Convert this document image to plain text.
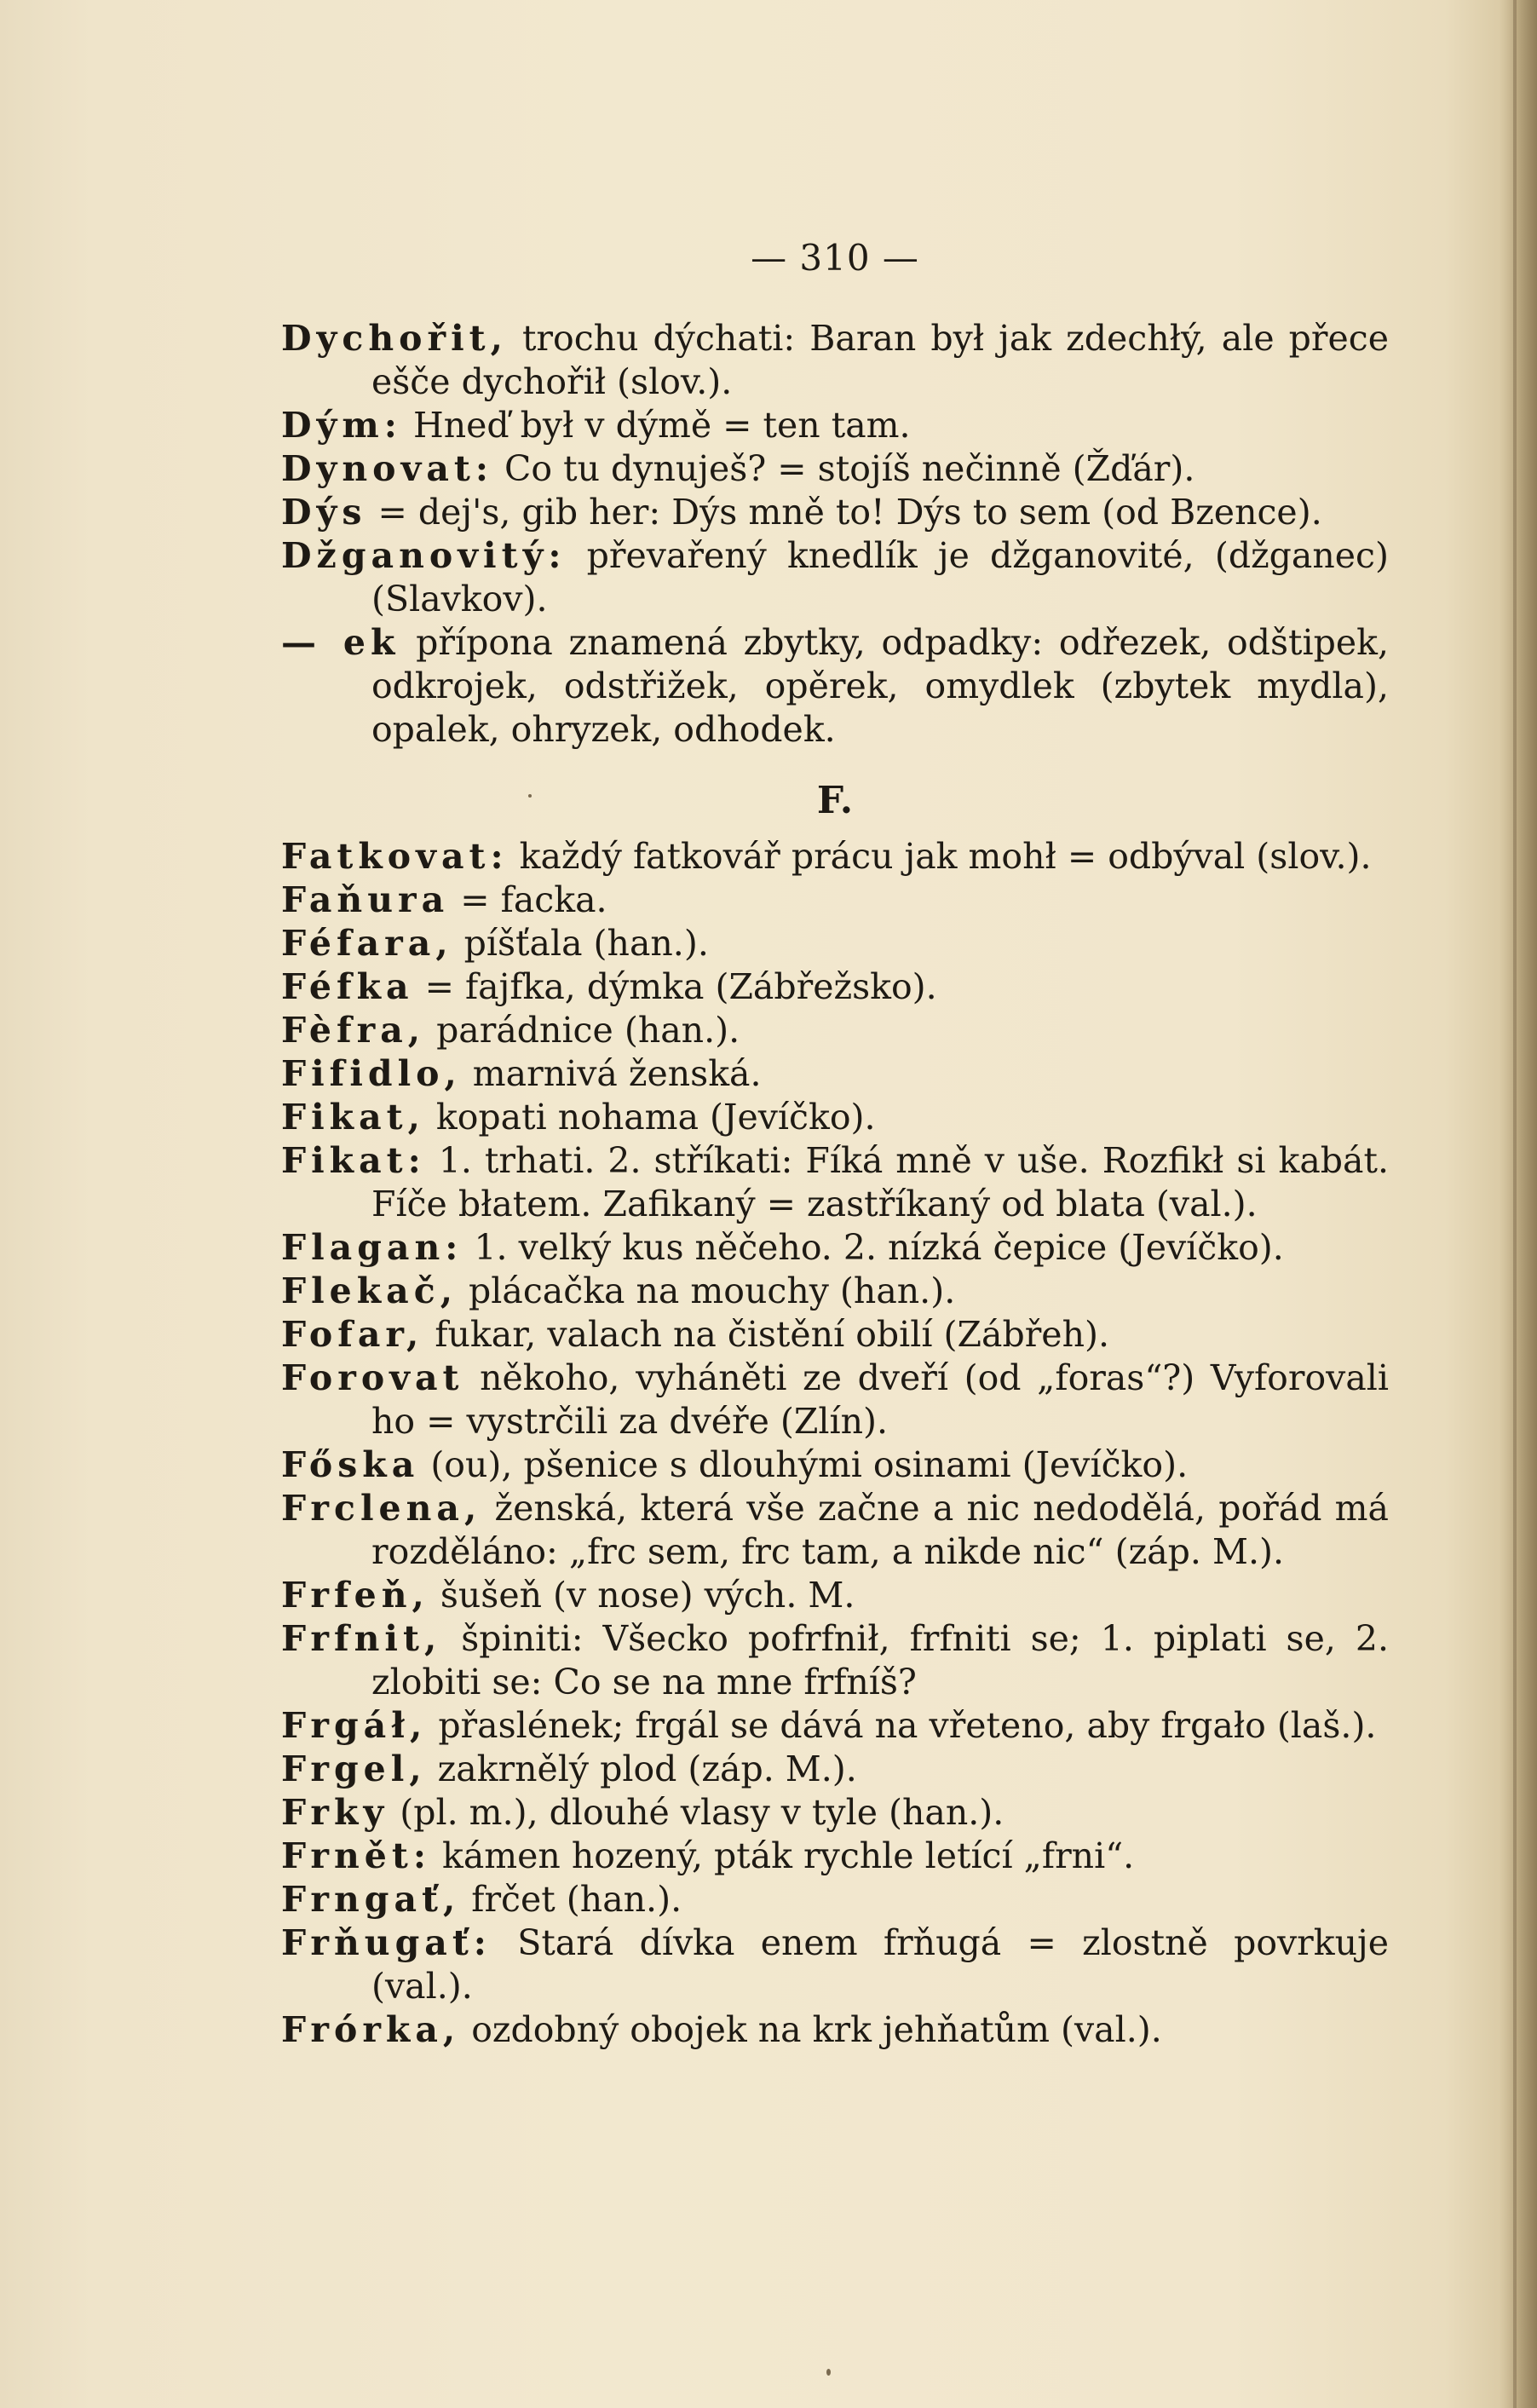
— 310 —
Dychořit, trochu dýchati: Baran był jak zdechłý, ale přece ešče dychořił (slov.).
Dým: Hneď był v dýmě = ten tam.
Dynovat: Co tu dynuješ? = stojíš nečinně (Žďár).
Dýs = dej's, gib her: Dýs mně to! Dýs to sem (od Bzence).
Džganovitý: převařený knedlík je džganovité, (džganec) (Slavkov).
— ek přípona znamená zbytky, odpadky: odřezek, odštipek, odkrojek, odstřižek, opěrek, omydlek (zbytek mydla), opalek, ohryzek, odhodek.
F.
Fatkovat: každý fatkovář prácu jak mohł = odbýval (slov.).
Faňura = facka.
Féfara, píšťala (han.).
Féfka = fajfka, dýmka (Zábřežsko).
Fèfra, parádnice (han.).
Fifidlo, marnivá ženská.
Fikat, kopati nohama (Jevíčko).
Fikat: 1. trhati. 2. stříkati: Fíká mně v uše. Rozfikł si kabát. Fíče błatem. Zafikaný = zastříkaný od blata (val.).
Flagan: 1. velký kus něčeho. 2. nízká čepice (Jevíčko).
Flekač, plácačka na mouchy (han.).
Fofar, fukar, valach na čistění obilí (Zábřeh).
Forovat někoho, vyháněti ze dveří (od „foras“?) Vyforovali ho = vystrčili za dvéře (Zlín).
Főska (ou), pšenice s dlouhými osinami (Jevíčko).
Frclena, ženská, která vše začne a nic nedodělá, pořád má rozděláno: „frc sem, frc tam, a nikde nic“ (záp. M.).
Frfeň, šušeň (v nose) vých. M.
Frfnit, špiniti: Všecko pofrfnił, frfniti se; 1. piplati se, 2. zlobiti se: Co se na mne frfníš?
Frgáł, přaslének; frgál se dává na vřeteno, aby frgało (laš.).
Frgel, zakrnělý plod (záp. M.).
Frky (pl. m.), dlouhé vlasy v tyle (han.).
Frnět: kámen hozený, pták rychle letící „frni“.
Frngať, frčet (han.).
Frňugať: Stará dívka enem frňugá = zlostně povrkuje (val.).
Frórka, ozdobný obojek na krk jehňatům (val.).
